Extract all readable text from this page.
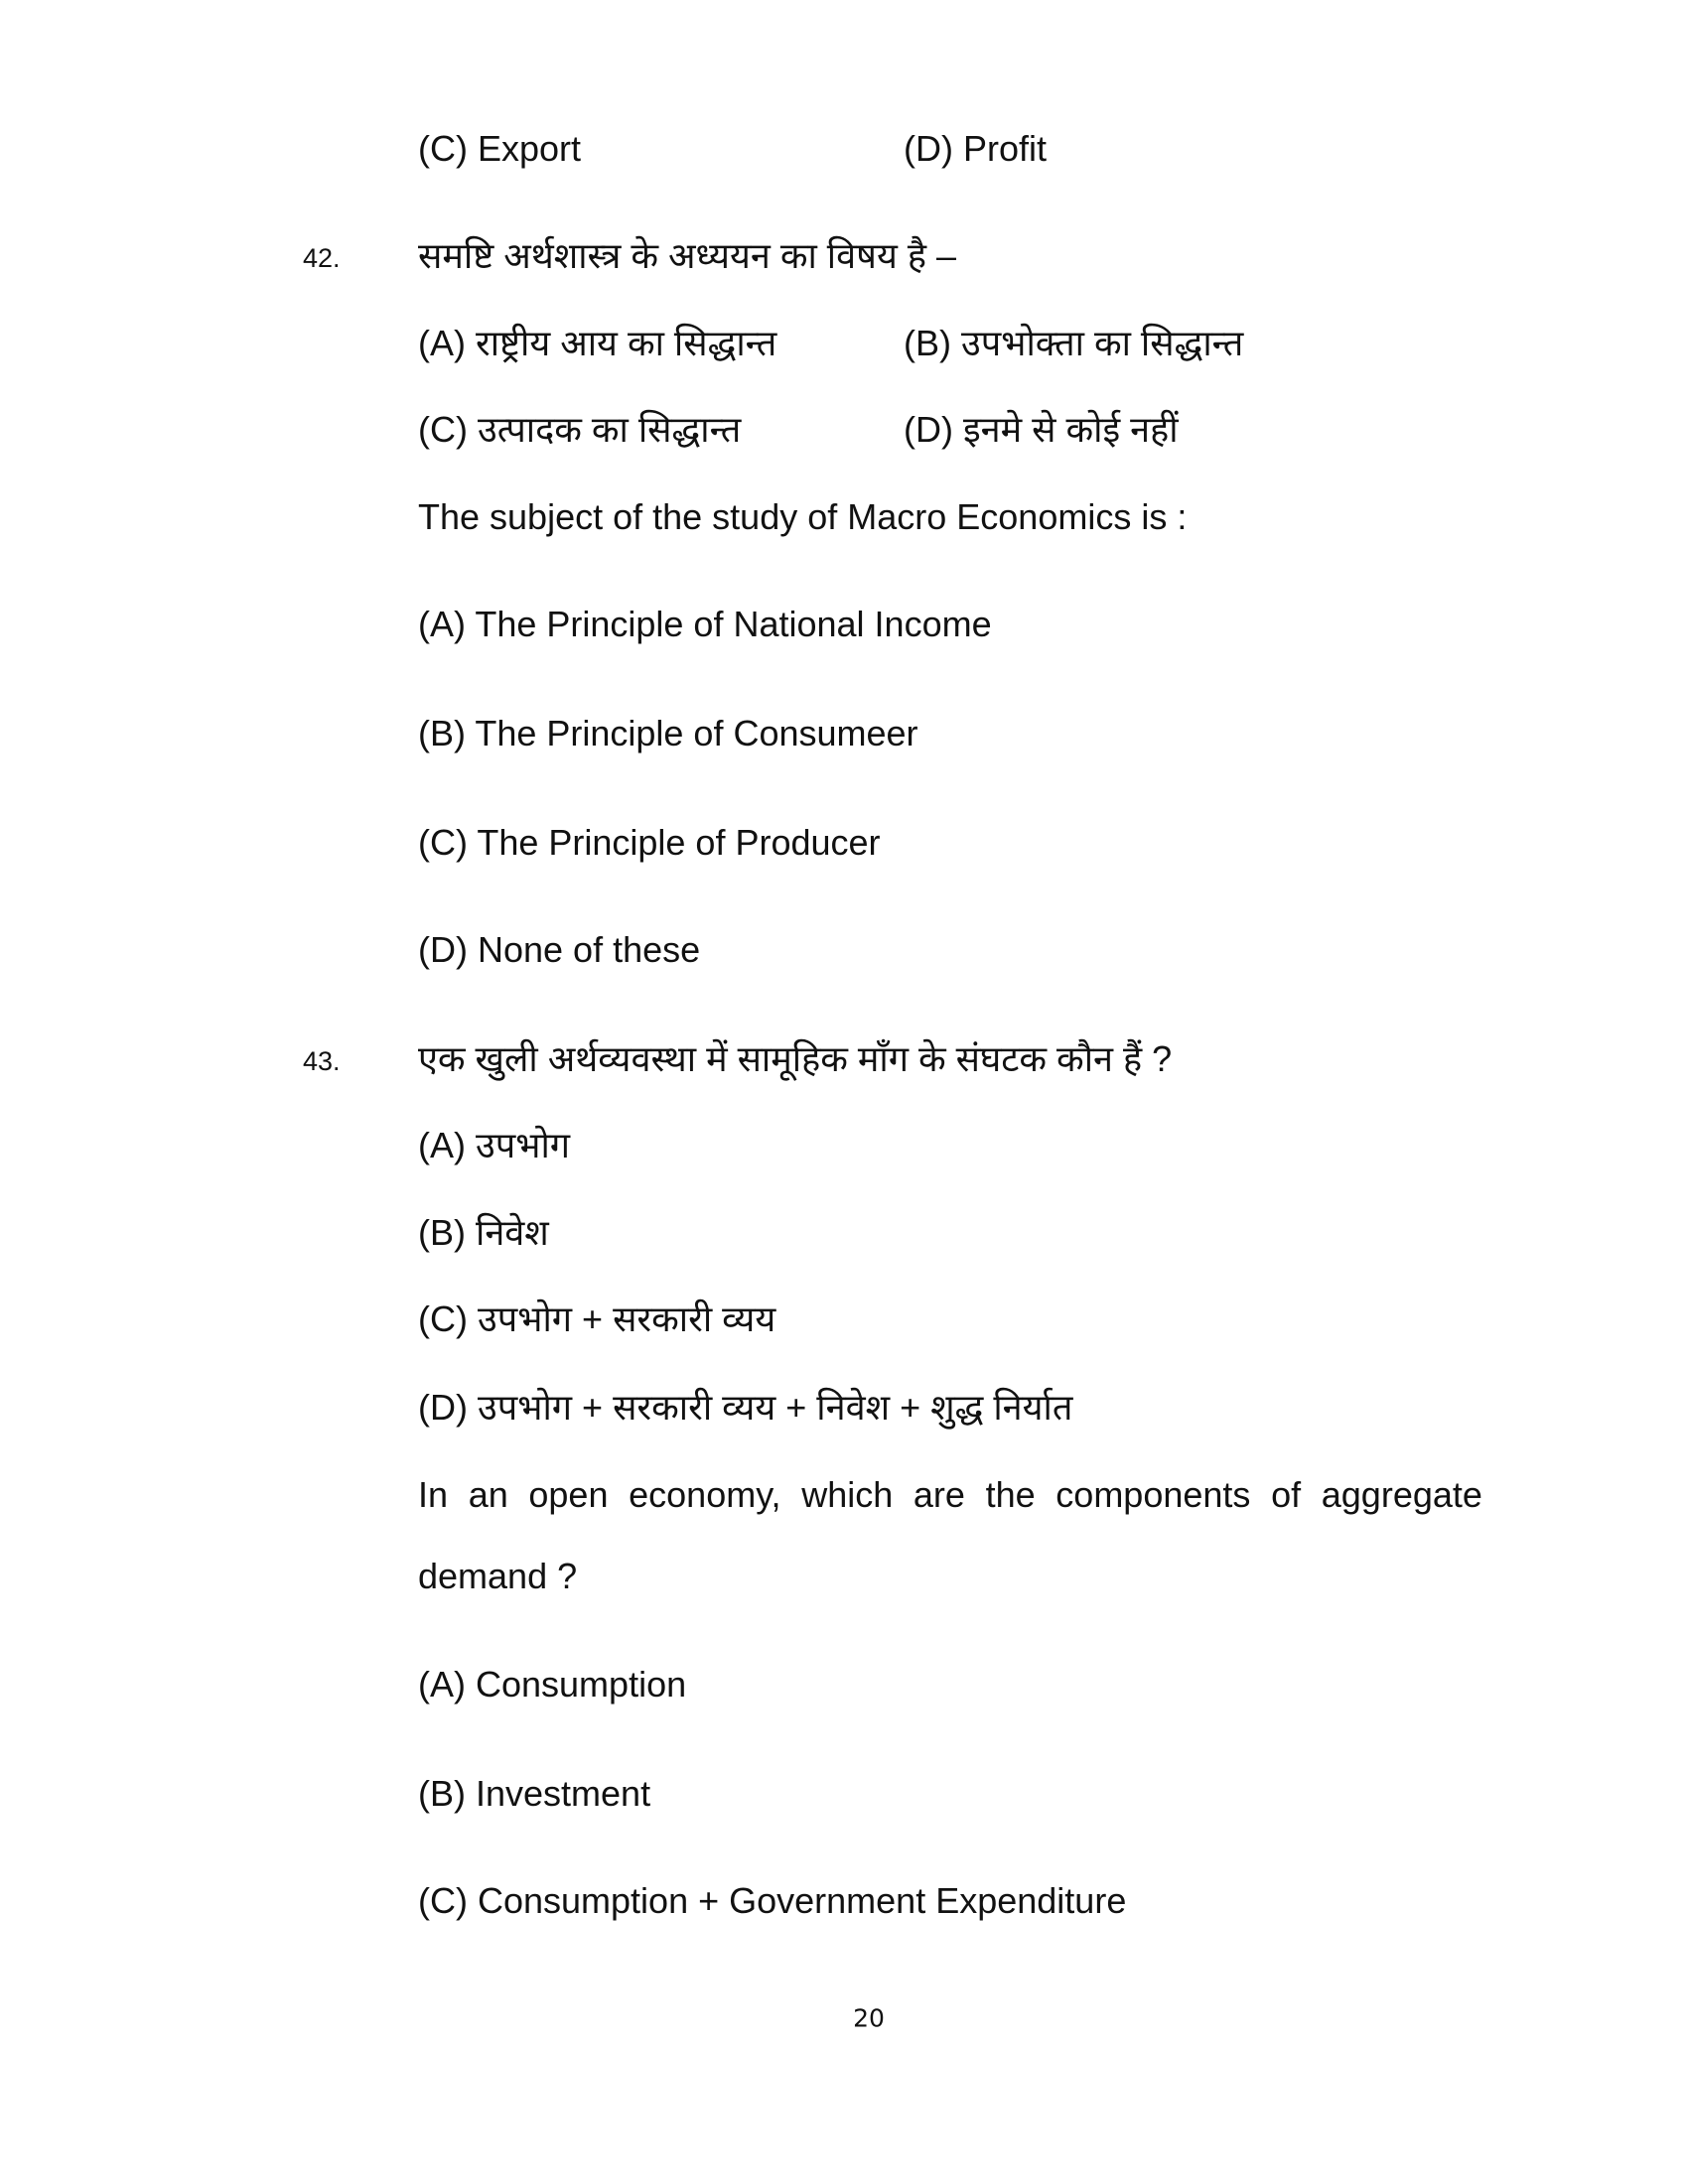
(C) Export	(D) Profit
42. समष्टि अर्थशास्त्र के अध्ययन का विषय है –
(A) राष्ट्रीय आय का सिद्धान्त	(B) उपभोक्ता का सिद्धान्त
(C) उत्पादक का सिद्धान्त	(D) इनमे से कोई नहीं
The subject of the study of Macro Economics is :
(A) The Principle of National Income
(B) The Principle of Consumeer
(C) The Principle of Producer
(D) None of these
43. एक खुली अर्थव्यवस्था में सामूहिक माँग के संघटक कौन हैं ?
(A) उपभोग
(B) निवेश
(C) उपभोग + सरकारी व्यय
(D) उपभोग + सरकारी व्यय + निवेश + शुद्ध निर्यात
In an open economy, which are the components of aggregate
demand ?
(A) Consumption
(B) Investment
(C) Consumption + Government Expenditure
20
